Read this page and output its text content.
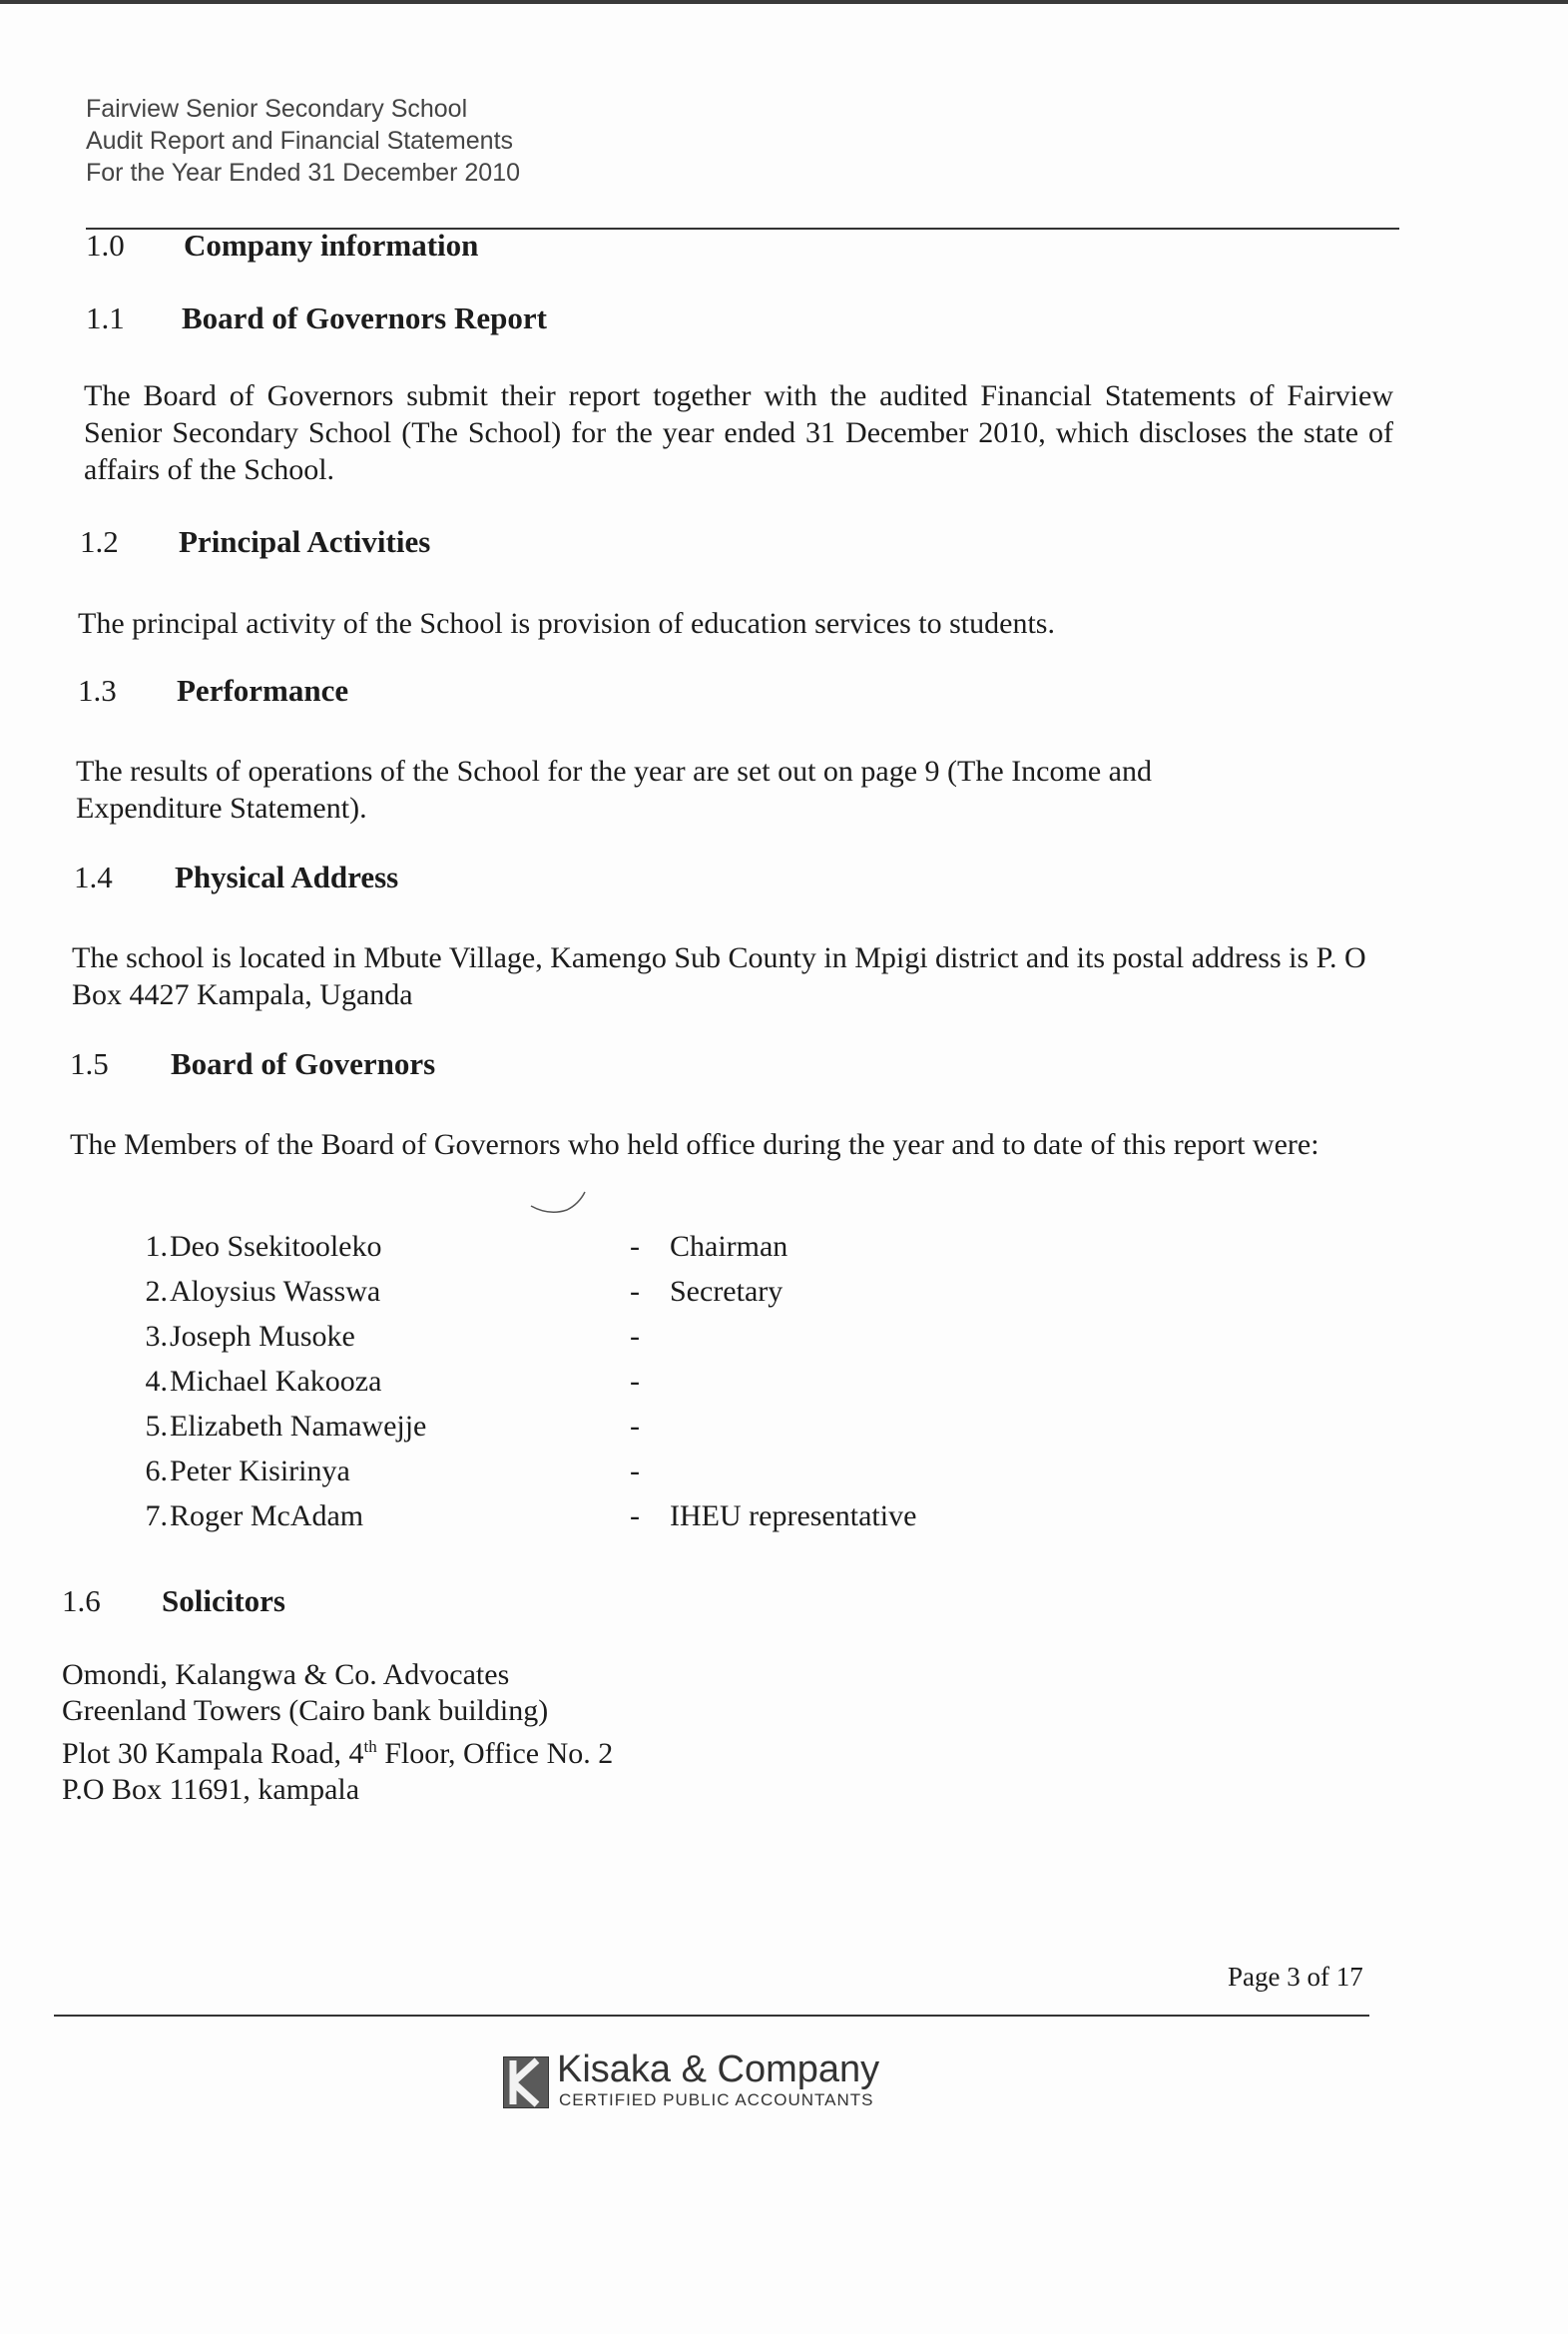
Fairview Senior Secondary School
Audit Report and Financial Statements
For the Year Ended 31 December 2010
1.0 Company information
1.1 Board of Governors Report
The Board of Governors submit their report together with the audited Financial Statements of Fairview Senior Secondary School (The School) for the year ended 31 December 2010, which discloses the state of affairs of the School.
1.2 Principal Activities
The principal activity of the School is provision of education services to students.
1.3 Performance
The results of operations of the School for the year are set out on page 9 (The Income and Expenditure Statement).
1.4 Physical Address
The school is located in Mbute Village, Kamengo Sub County in Mpigi district and its postal address is P. O Box 4427 Kampala, Uganda
1.5 Board of Governors
The Members of the Board of Governors who held office during the year and to date of this report were:
1. Deo Ssekitooleko	- Chairman
2. Aloysius Wasswa	- Secretary
3. Joseph Musoke	-
4. Michael Kakooza	-
5. Elizabeth Namawejje	-
6. Peter Kisirinya	-
7. Roger McAdam	- IHEU representative
1.6 Solicitors
Omondi, Kalangwa & Co. Advocates
Greenland Towers (Cairo bank building)
Plot 30 Kampala Road, 4th Floor, Office No. 2
P.O Box 11691, kampala
Page 3 of 17
Kisaka & Company
CERTIFIED PUBLIC ACCOUNTANTS
